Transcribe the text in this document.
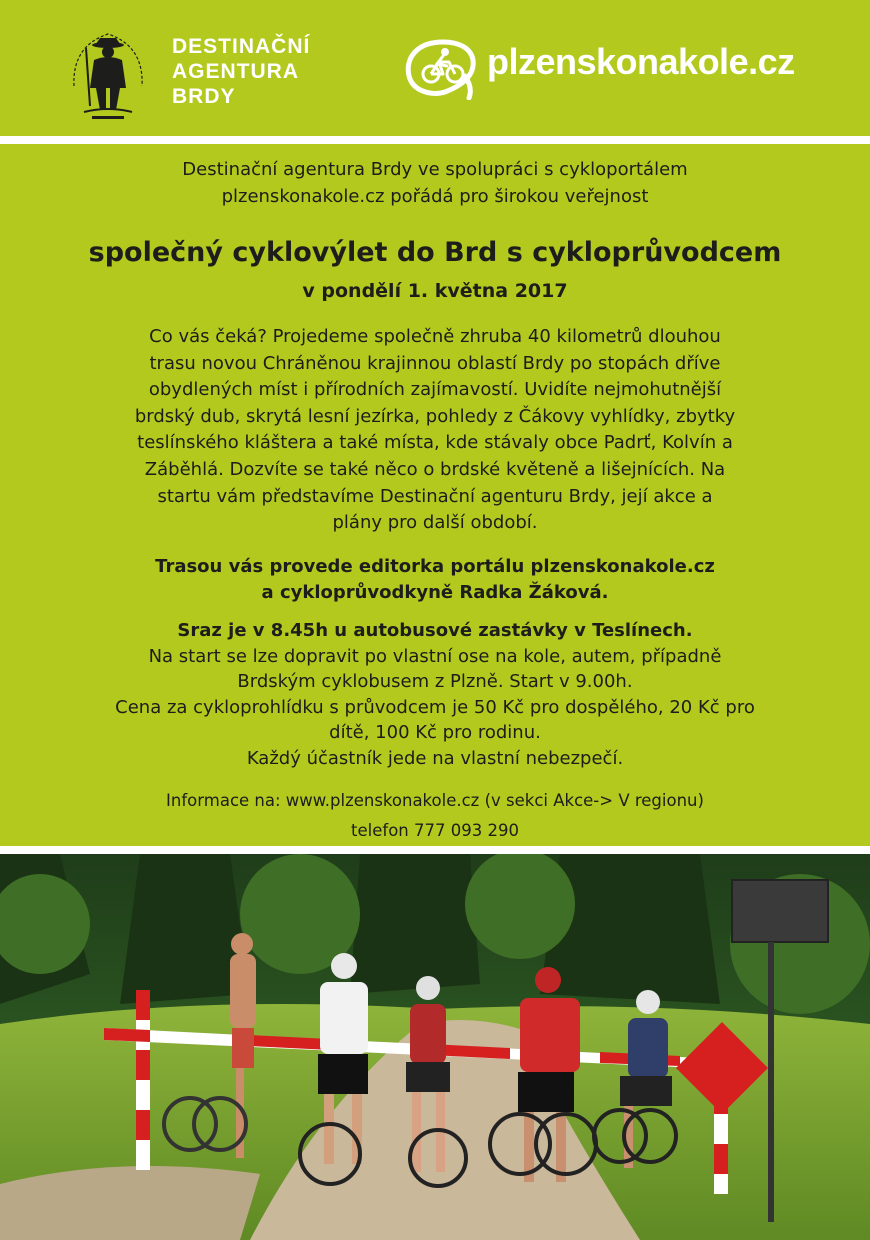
DESTINAČNÍ
AGENTURA
BRDY
plzenskonakole.cz

Destinační agentura Brdy ve spolupráci s cykloportálem

plzenskonakole.cz pořádá pro širokou veřejnost

společný cyklovýlet do Brd s cykloprůvodcem
v pondělí 1. května 2017

Co vás čeká? Projedeme společně zhruba 40 kilometrů dlouhou

trasu novou Chráněnou krajinnou oblastí Brdy po stopách dříve

obydlených míst i přírodních zajímavostí. Uvidíte nejmohutnější

brdský dub, skrytá lesní jezírka, pohledy z Čákovy vyhlídky, zbytky

teslínského kláštera a také místa, kde stávaly obce Padrť, Kolvín a

Záběhlá. Dozvíte se také něco o brdské květeně a lišejnících. Na

startu vám představíme Destinační agenturu Brdy, její akce a

plány pro další období.

Trasou vás provede editorka portálu plzenskonakole.cz

a cykloprůvodkyně Radka Žáková.

Sraz je v 8.45h u autobusové zastávky v Teslínech.

Na start se lze dopravit po vlastní ose na kole, autem, případně

Brdským cyklobusem z Plzně. Start v 9.00h.

Cena za cykloprohlídku s průvodcem je 50 Kč pro dospělého, 20 Kč pro

dítě, 100 Kč pro rodinu.

Každý účastník jede na vlastní nebezpečí.

Informace na: www.plzenskonakole.cz (v sekci Akce-> V regionu)
telefon 777 093 290
